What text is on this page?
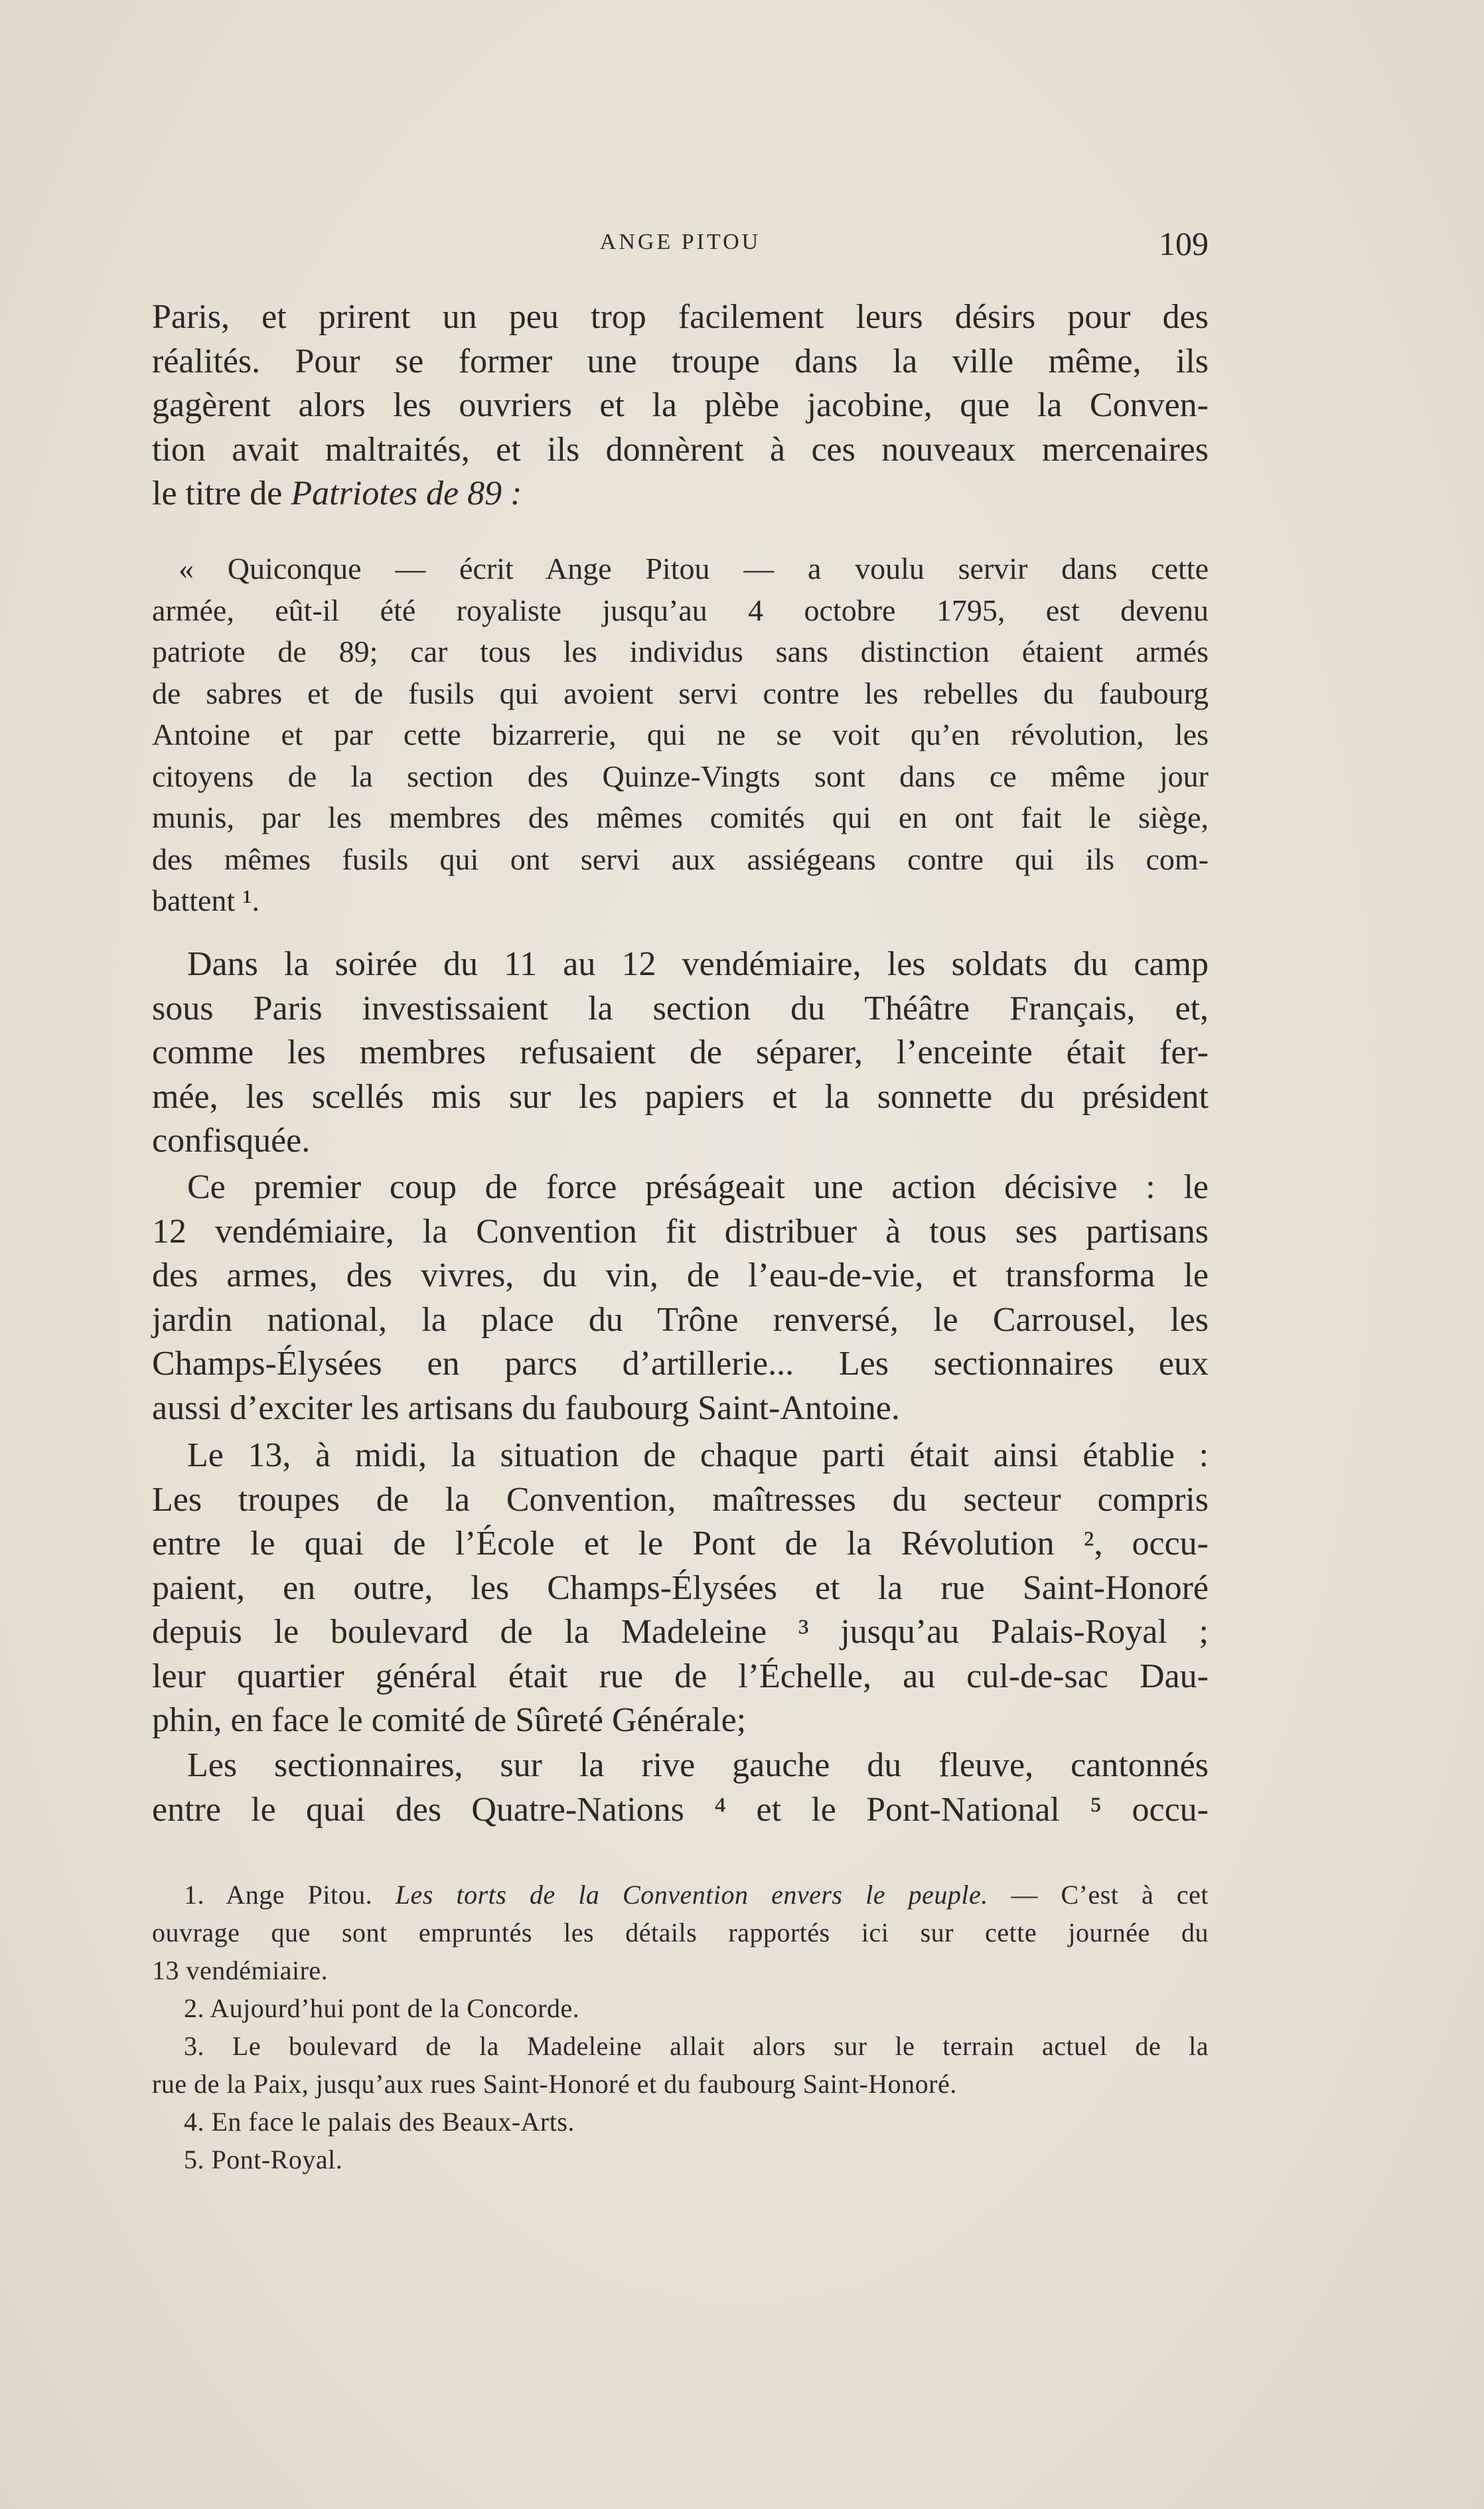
ANGE PITOU	109
Paris, et prirent un peu trop facilement leurs désirs pour des
réalités. Pour se former une troupe dans la ville même, ils
gagèrent alors les ouvriers et la plèbe jacobine, que la Conven-
tion avait maltraités, et ils donnèrent à ces nouveaux mercenaires
le titre de Patriotes de 89 :
« Quiconque — écrit Ange Pitou — a voulu servir dans cette
armée, eût-il été royaliste jusqu’au 4 octobre 1795, est devenu
patriote de 89; car tous les individus sans distinction étaient armés
de sabres et de fusils qui avoient servi contre les rebelles du faubourg
Antoine et par cette bizarrerie, qui ne se voit qu’en révolution, les
citoyens de la section des Quinze-Vingts sont dans ce même jour
munis, par les membres des mêmes comités qui en ont fait le siège,
des mêmes fusils qui ont servi aux assiégeans contre qui ils com-
battent ¹.
Dans la soirée du 11 au 12 vendémiaire, les soldats du camp
sous Paris investissaient la section du Théâtre Français, et,
comme les membres refusaient de séparer, l’enceinte était fer-
mée, les scellés mis sur les papiers et la sonnette du président
confisquée.
Ce premier coup de force préságeait une action décisive : le
12 vendémiaire, la Convention fit distribuer à tous ses partisans
des armes, des vivres, du vin, de l’eau-de-vie, et transforma le
jardin national, la place du Trône renversé, le Carrousel, les
Champs-Élysées en parcs d’artillerie... Les sectionnaires eux
aussi d’exciter les artisans du faubourg Saint-Antoine.
Le 13, à midi, la situation de chaque parti était ainsi établie :
Les troupes de la Convention, maîtresses du secteur compris
entre le quai de l’École et le Pont de la Révolution ², occu-
paient, en outre, les Champs-Élysées et la rue Saint-Honoré
depuis le boulevard de la Madeleine ³ jusqu’au Palais-Royal ;
leur quartier général était rue de l’Échelle, au cul-de-sac Dau-
phin, en face le comité de Sûreté Générale;
Les sectionnaires, sur la rive gauche du fleuve, cantonnés
entre le quai des Quatre-Nations ⁴ et le Pont-National ⁵ occu-
1. Ange Pitou. Les torts de la Convention envers le peuple. — C’est à cet
ouvrage que sont empruntés les détails rapportés ici sur cette journée du
13 vendémiaire.
2. Aujourd’hui pont de la Concorde.
3. Le boulevard de la Madeleine allait alors sur le terrain actuel de la
rue de la Paix, jusqu’aux rues Saint-Honoré et du faubourg Saint-Honoré.
4. En face le palais des Beaux-Arts.
5. Pont-Royal.
